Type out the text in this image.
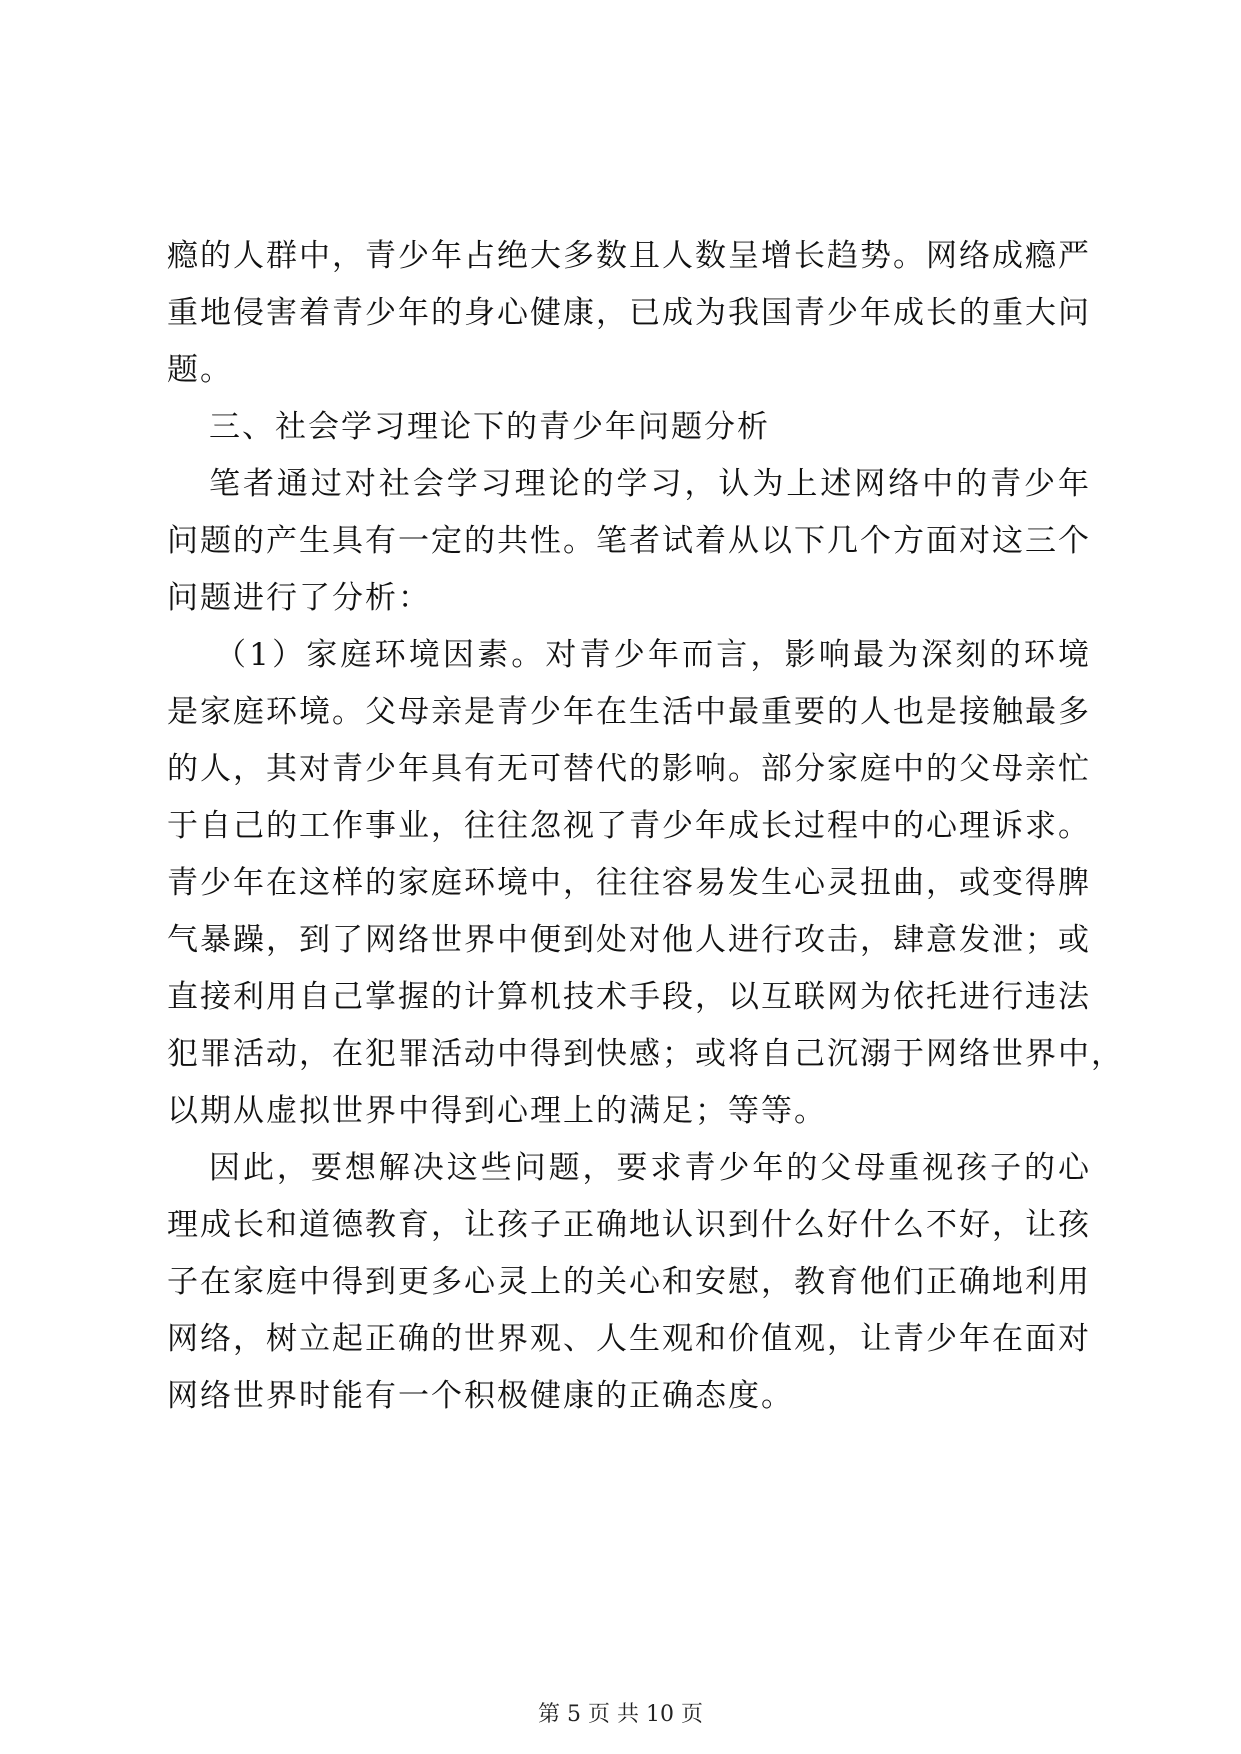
瘾的人群中，青少年占绝大多数且人数呈增长趋势。网络成瘾严
重地侵害着青少年的身心健康，已成为我国青少年成长的重大问
题。
三、社会学习理论下的青少年问题分析
笔者通过对社会学习理论的学习，认为上述网络中的青少年
问题的产生具有一定的共性。笔者试着从以下几个方面对这三个
问题进行了分析：
（1）家庭环境因素。对青少年而言，影响最为深刻的环境
是家庭环境。父母亲是青少年在生活中最重要的人也是接触最多
的人，其对青少年具有无可替代的影响。部分家庭中的父母亲忙
于自己的工作事业，往往忽视了青少年成长过程中的心理诉求。
青少年在这样的家庭环境中，往往容易发生心灵扭曲，或变得脾
气暴躁，到了网络世界中便到处对他人进行攻击，肆意发泄；或
直接利用自己掌握的计算机技术手段，以互联网为依托进行违法
犯罪活动，在犯罪活动中得到快感；或将自己沉溺于网络世界中，
以期从虚拟世界中得到心理上的满足；等等。
因此，要想解决这些问题，要求青少年的父母重视孩子的心
理成长和道德教育，让孩子正确地认识到什么好什么不好，让孩
子在家庭中得到更多心灵上的关心和安慰，教育他们正确地利用
网络，树立起正确的世界观、人生观和价值观，让青少年在面对
网络世界时能有一个积极健康的正确态度。
第 5 页 共 10 页
